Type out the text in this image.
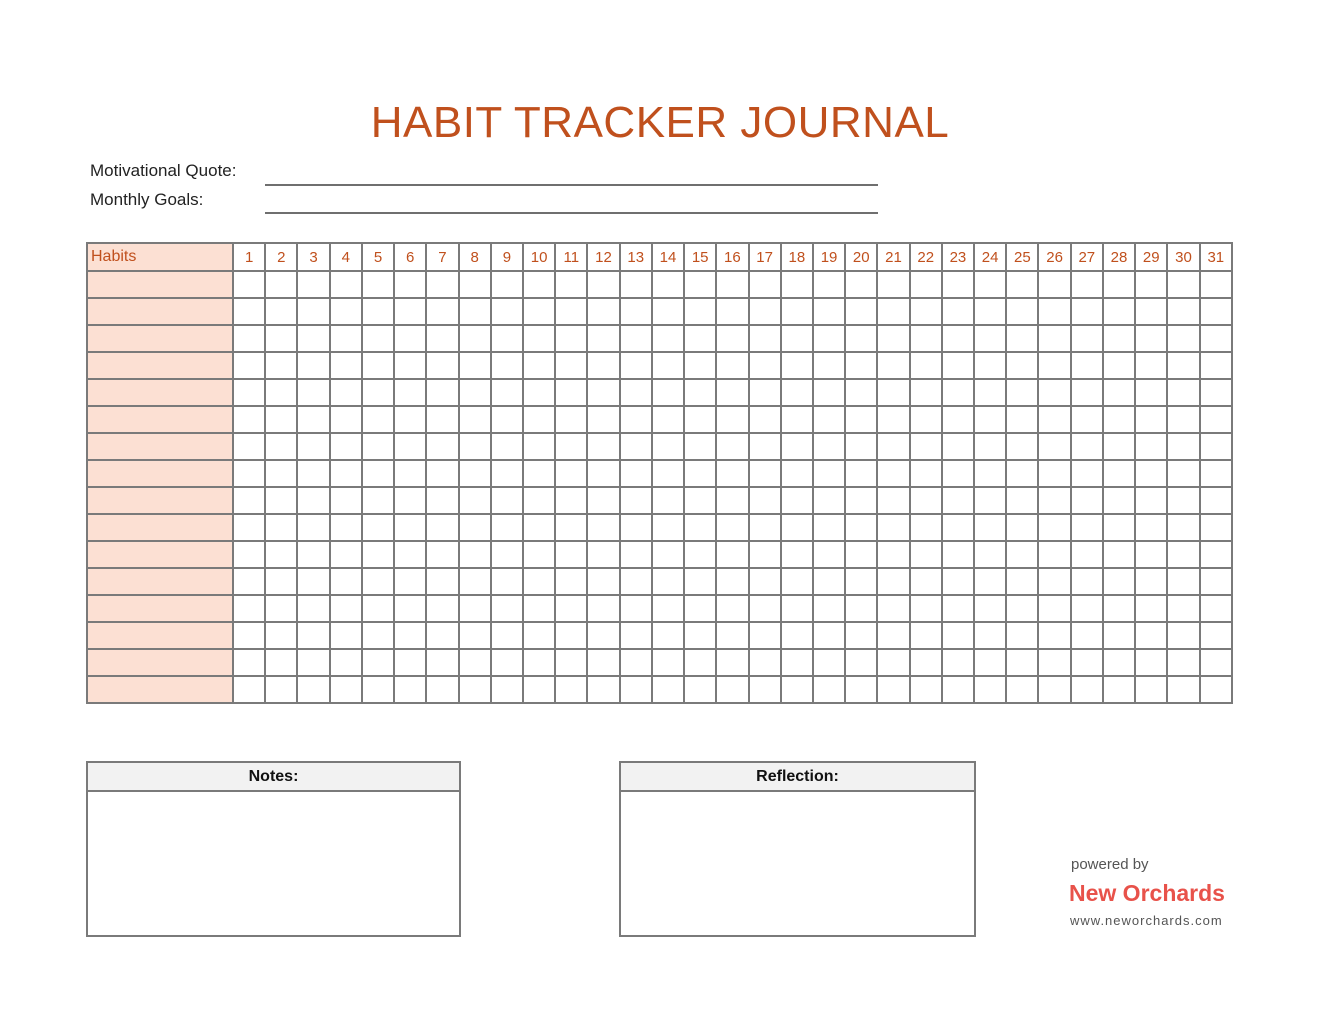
HABIT TRACKER JOURNAL
Motivational Quote:
Monthly Goals:
Habits	1	2	3	4	5	6	7	8	9	10	11	12	13	14	15	16	17	18	19	20	21	22	23	24	25	26	27	28	29	30	31

Notes:	Reflection:
powered by
New Orchards
www.neworchards.com
